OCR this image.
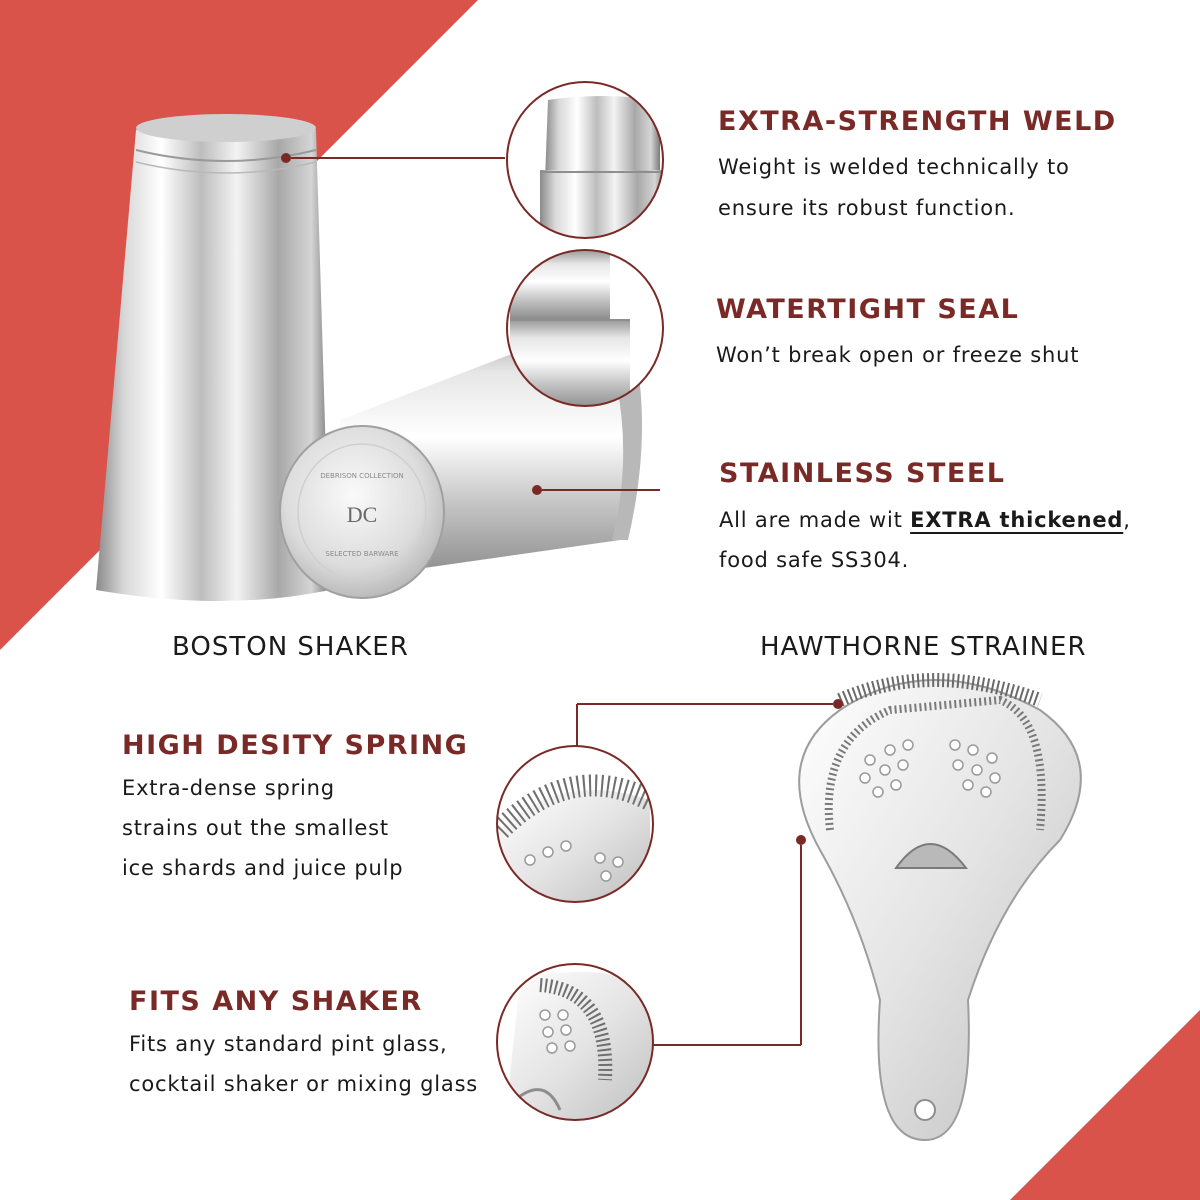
DC
DEBRISON COLLECTION
SELECTED BARWARE
EXTRA-STRENGTH WELD
Weight is welded technically to
ensure its robust function.
WATERTIGHT SEAL
Won’t break open or freeze shut
STAINLESS STEEL
All are made wit EXTRA thickened,
food safe SS304.
BOSTON SHAKER	HAWTHORNE STRAINER
HIGH DESITY SPRING
Extra-dense spring
strains out the smallest
ice shards and juice pulp
FITS ANY SHAKER
Fits any standard pint glass,
cocktail shaker or mixing glass
